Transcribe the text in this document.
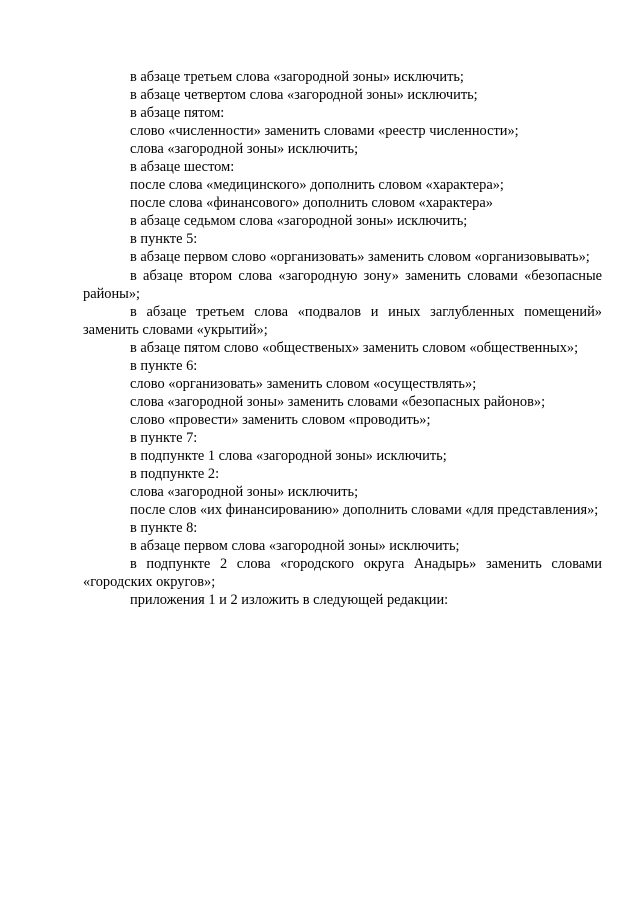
в абзаце третьем слова «загородной зоны» исключить;

в абзаце четвертом слова «загородной зоны» исключить;

в абзаце пятом:

слово «численности» заменить словами «реестр численности»;

слова «загородной зоны» исключить;

в абзаце шестом:

после слова «медицинского» дополнить словом «характера»;

после слова «финансового» дополнить словом «характера»

в абзаце седьмом слова «загородной зоны» исключить;

в пункте 5:

в абзаце первом слово «организовать» заменить словом «организовывать»;

в абзаце втором слова «загородную зону» заменить словами «безопасные районы»;

в абзаце третьем слова «подвалов и иных заглубленных помещений» заменить словами «укрытий»;

в абзаце пятом слово «общественых» заменить словом «общественных»;

в пункте 6:

слово «организовать» заменить словом «осуществлять»;

слова «загородной зоны» заменить словами «безопасных районов»;

слово «провести» заменить словом «проводить»;

в пункте 7:

в подпункте 1 слова «загородной зоны» исключить;

в подпункте 2:

слова «загородной зоны» исключить;

после слов «их финансированию» дополнить словами «для представления»;

в пункте 8:

в абзаце первом слова «загородной зоны» исключить;

в подпункте 2 слова «городского округа Анадырь» заменить словами «городских округов»;

приложения 1 и 2 изложить в следующей редакции:
